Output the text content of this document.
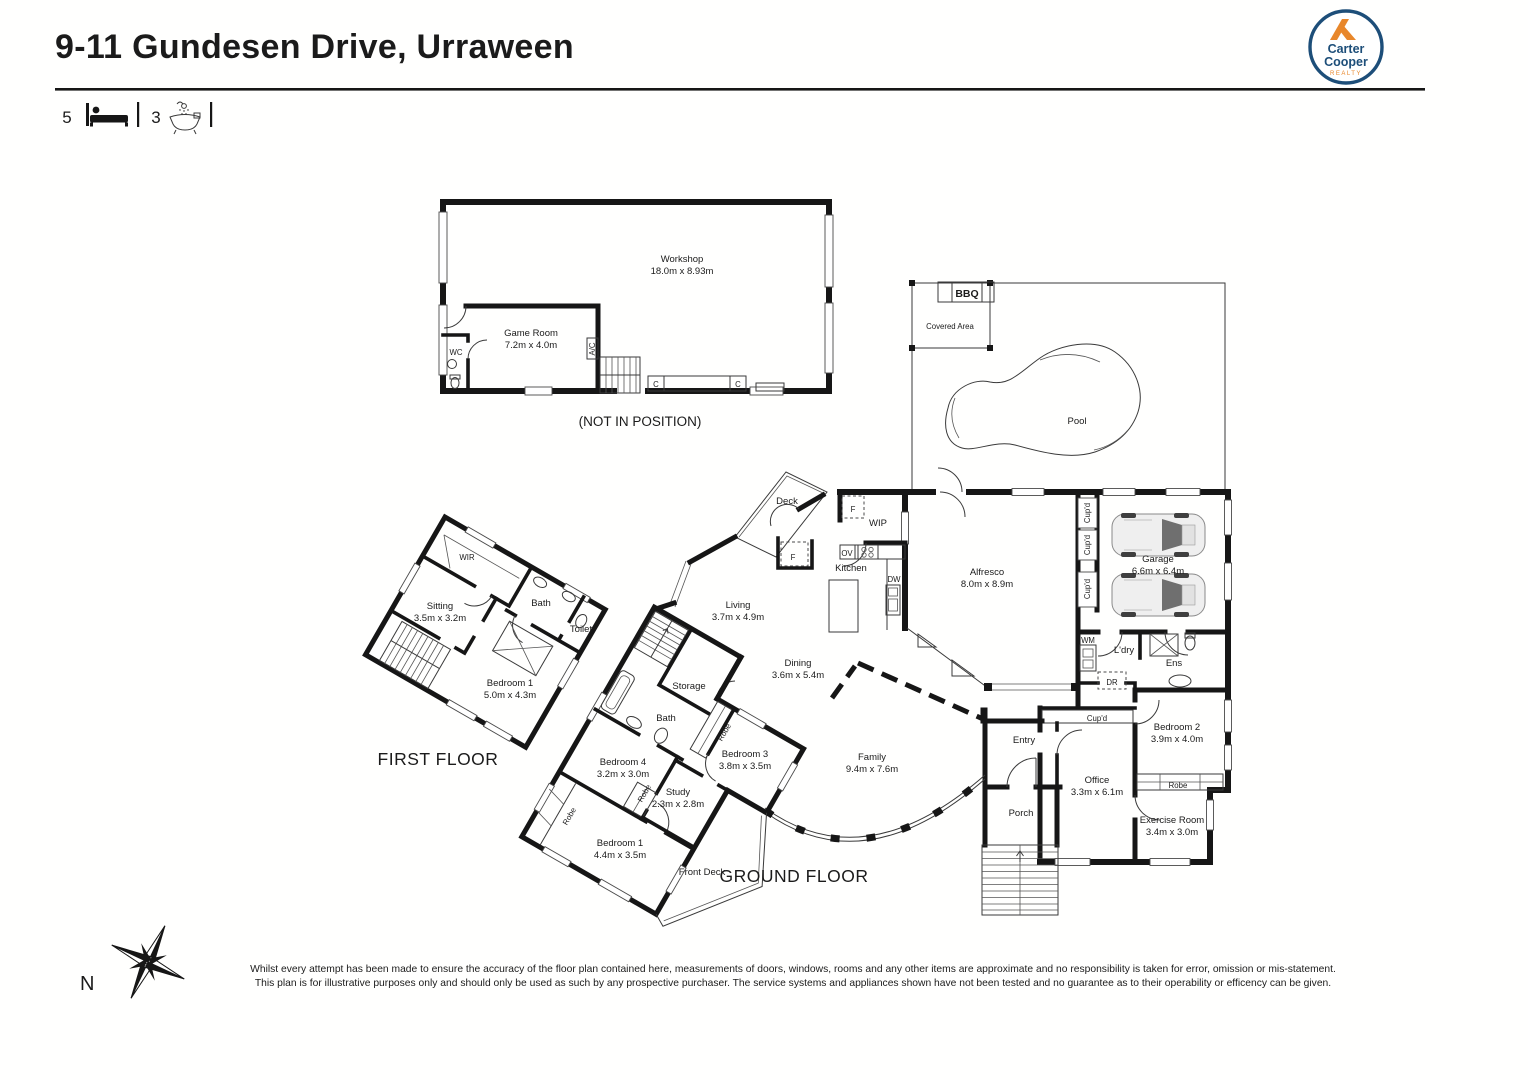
9-11 Gundesen Drive, Urraween
5	3
Carter
Cooper
REALTY
Workshop
18.0m x 8.93m
Game Room
7.2m x 4.0m
WC	A/C
C	C
(NOT IN POSITION)
BBQ
Covered Area
Pool
WIR
Bath
Toilet
Sitting
3.5m x 3.2m
Bedroom 1
5.0m x 4.3m
FIRST FLOOR
Alfresco
8.0m x 8.9m
Cup'd
Cup'd
Cup'd
Garage
6.6m x 6.4m
WM
L'dry
DR
Ens
Bedroom 2
3.9m x 4.0m
Robe
Exercise Room
3.4m x 3.0m
Cup'd
Office
3.3m x 6.1m
Entry
Porch
F
WIP
OV
Kitchen
DW
Deck
F
Living
3.7m x 4.9m
Dining
3.6m x 5.4m
Family
9.4m x 7.6m
Storage
Bath
Bedroom 4
3.2m x 3.0m
Robe
Robe
Robe
Bedroom 3
3.8m x 3.5m
Study
2.3m x 2.8m
Bedroom 1
4.4m x 3.5m
Front Deck
GROUND FLOOR
N
Whilst every attempt has been made to ensure the accuracy of the floor plan contained here, measurements of doors, windows, rooms and any other items are approximate and no responsibility is taken for error, omission or mis-statement.
This plan is for illustrative purposes only and should only be used as such by any prospective purchaser. The service systems and appliances shown have not been tested and no guarantee as to their operability or efficency can be given.
